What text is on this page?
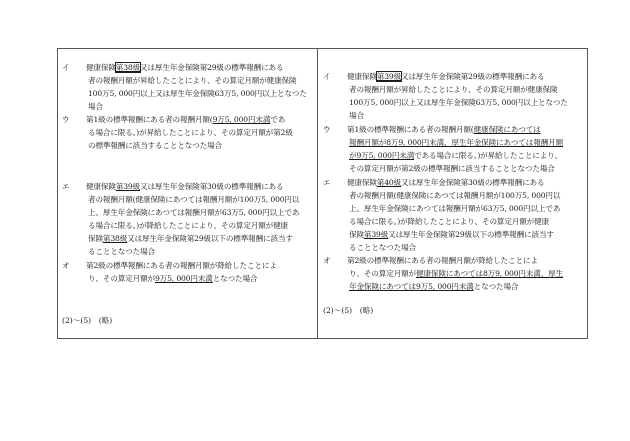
イ 健康保険第38級又は厚生年金保険第29級の標準報酬にある
者の報酬月額が昇給したことにより、その算定月額が健康保険
100万5, 000円以上又は厚生年金保険63万5, 000円以上となつた
場合
ウ 第1級の標準報酬にある者の報酬月額(9万5, 000円未満であ
る場合に限る。)が昇給したことにより、その算定月額が第2級
の標準報酬に該当することとなつた場合
エ 健康保険第39級又は厚生年金保険第30級の標準報酬にある
者の報酬月額(健康保険にあつては報酬月額が100万5, 000円以
上、厚生年金保険にあつては報酬月額が63万5, 000円以上であ
る場合に限る。)が降給したことにより、その算定月額が健康
保険第38級又は厚生年金保険第29級以下の標準報酬に該当す
ることとなつた場合
オ 第2級の標準報酬にある者の報酬月額が降給したことによ
り、その算定月額が9万5, 000円未満となつた場合
(2)～(5)　(略)
イ 健康保険第39級又は厚生年金保険第29級の標準報酬にある
者の報酬月額が昇給したことにより、その算定月額が健康保険
100万5, 000円以上又は厚生年金保険63万5, 000円以上となつた
場合
ウ 第1級の標準報酬にある者の報酬月額(健康保険にあつては
報酬月額が8万9, 000円未満、厚生年金保険にあつては報酬月額
が9万5, 000円未満である場合に限る。)が昇給したことにより、
その算定月額が第2級の標準報酬に該当することとなつた場合
エ 健康保険第40級又は厚生年金保険第30級の標準報酬にある
者の報酬月額(健康保険にあつては報酬月額が100万5, 000円以
上、厚生年金保険にあつては報酬月額が63万5, 000円以上であ
る場合に限る。)が降給したことにより、その算定月額が健康
保険第39級又は厚生年金保険第29級以下の標準報酬に該当す
ることとなつた場合
オ 第2級の標準報酬にある者の報酬月額が降給したことによ
り、その算定月額が健康保険にあつては8万9, 000円未満、厚生
年金保険にあつては9万5, 000円未満となつた場合
(2)～(5)　(略)
